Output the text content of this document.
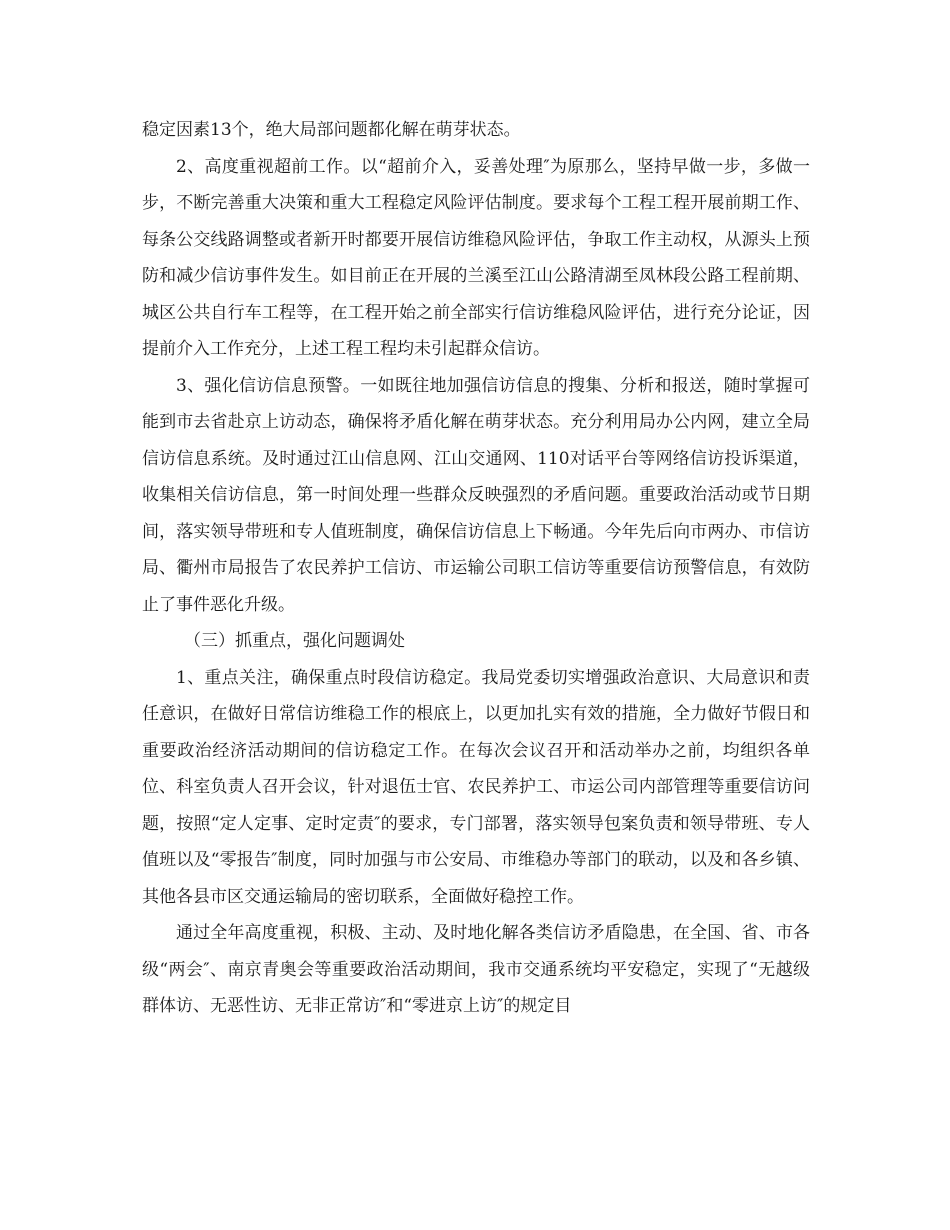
稳定因素13个，绝大局部问题都化解在萌芽状态。

2、高度重视超前工作。以“超前介入，妥善处理″为原那么，坚持早做一步，多做一步，不断完善重大决策和重大工程稳定风险评估制度。要求每个工程工程开展前期工作、每条公交线路调整或者新开时都要开展信访维稳风险评估，争取工作主动权，从源头上预防和减少信访事件发生。如目前正在开展的兰溪至江山公路清湖至凤林段公路工程前期、城区公共自行车工程等，在工程开始之前全部实行信访维稳风险评估，进行充分论证，因提前介入工作充分，上述工程工程均未引起群众信访。

3、强化信访信息预警。一如既往地加强信访信息的搜集、分析和报送，随时掌握可能到市去省赴京上访动态，确保将矛盾化解在萌芽状态。充分利用局办公内网，建立全局信访信息系统。及时通过江山信息网、江山交通网、110对话平台等网络信访投诉渠道，收集相关信访信息，第一时间处理一些群众反映强烈的矛盾问题。重要政治活动或节日期间，落实领导带班和专人值班制度，确保信访信息上下畅通。今年先后向市两办、市信访局、衢州市局报告了农民养护工信访、市运输公司职工信访等重要信访预警信息，有效防止了事件恶化升级。

（三）抓重点，强化问题调处

1、重点关注，确保重点时段信访稳定。我局党委切实增强政治意识、大局意识和责任意识，在做好日常信访维稳工作的根底上，以更加扎实有效的措施，全力做好节假日和重要政治经济活动期间的信访稳定工作。在每次会议召开和活动举办之前，均组织各单位、科室负责人召开会议，针对退伍士官、农民养护工、市运公司内部管理等重要信访问题，按照“定人定事、定时定责″的要求，专门部署，落实领导包案负责和领导带班、专人值班以及“零报告″制度，同时加强与市公安局、市维稳办等部门的联动，以及和各乡镇、其他各县市区交通运输局的密切联系，全面做好稳控工作。

通过全年高度重视，积极、主动、及时地化解各类信访矛盾隐患，在全国、省、市各级“两会″、南京青奥会等重要政治活动期间，我市交通系统均平安稳定，实现了“无越级群体访、无恶性访、无非正常访″和“零进京上访″的规定目
